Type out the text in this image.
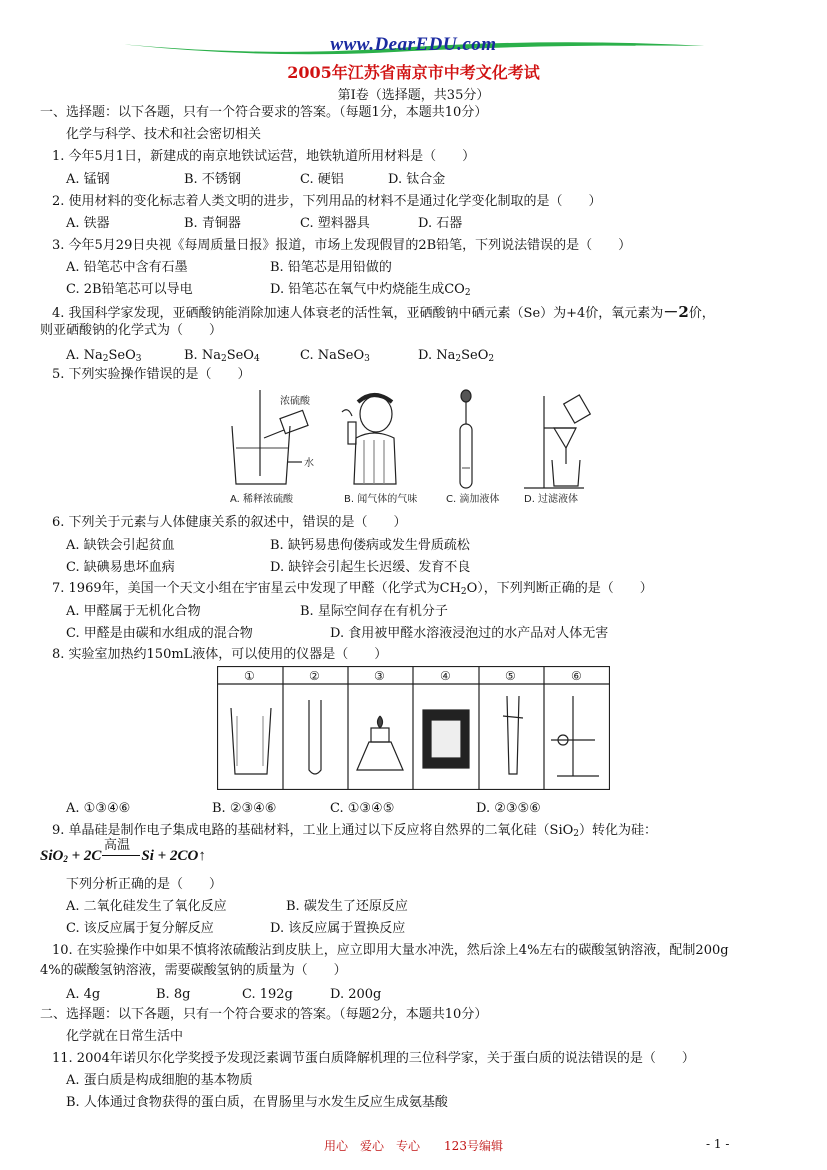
www.DearEDU.com
2005年江苏省南京市中考文化考试
第Ⅰ卷（选择题，共35分）
一、选择题：以下各题，只有一个符合要求的答案。（每题1分，本题共10分）
化学与科学、技术和社会密切相关
1. 今年5月1日，新建成的南京地铁试运营，地铁轨道所用材料是（　　）
A. 锰钢	B. 不锈钢	C. 硬铝	D. 钛合金
2. 使用材料的变化标志着人类文明的进步，下列用品的材料不是通过化学变化制取的是（　　）
A. 铁器	B. 青铜器	C. 塑料器具	D. 石器
3. 今年5月29日央视《每周质量日报》报道，市场上发现假冒的2B铅笔，下列说法错误的是（　　）
A. 铅笔芯中含有石墨	B. 铅笔芯是用铅做的
C. 2B铅笔芯可以导电	D. 铅笔芯在氧气中灼烧能生成$CO_2$
4. 我国科学家发现，亚硒酸钠能消除加速人体衰老的活性氧，亚硒酸钠中硒元素（Se）为+4价，氧元素为－2价，
则亚硒酸钠的化学式为（　　）
A. $Na_2SeO_3$	B. $Na_2SeO_4$	C. NaSeO$_3$	D. $Na_2SeO_2$
5. 下列实验操作错误的是（　　）
浓硫酸
水
A. 稀释浓硫酸	B. 闻气体的气味	C. 滴加液体 D. 过滤液体
6. 下列关于元素与人体健康关系的叙述中，错误的是（　　）
A. 缺铁会引起贫血	B. 缺钙易患佝偻病或发生骨质疏松
C. 缺碘易患坏血病	D. 缺锌会引起生长迟缓、发育不良
7. 1969年，美国一个天文小组在宇宙星云中发现了甲醛（化学式为$CH_2O$），下列判断正确的是（　　）
A. 甲醛属于无机化合物	B. 星际空间存在有机分子
C. 甲醛是由碳和水组成的混合物	D. 食用被甲醛水溶液浸泡过的水产品对人体无害
8. 实验室加热约150mL液体，可以使用的仪器是（　　）
①	②	③	④	⑤	⑥
A. ①③④⑥	B. ②③④⑥	C. ①③④⑤	D. ②③⑤⑥
9. 单晶硅是制作电子集成电路的基础材料，工业上通过以下反应将自然界的二氧化硅（SiO$_2$）转化为硅：
SiO$_2$ + 2C	Si + 2CO↑
高温
下列分析正确的是（　　）
A. 二氧化硅发生了氧化反应	B. 碳发生了还原反应
C. 该反应属于复分解反应	D. 该反应属于置换反应
10. 在实验操作中如果不慎将浓硫酸沾到皮肤上，应立即用大量水冲洗，然后涂上4%左右的碳酸氢钠溶液，配制200g
4%的碳酸氢钠溶液，需要碳酸氢钠的质量为（　　）
A. 4g	B. 8g	C. 192g	D. 200g
二、选择题：以下各题，只有一个符合要求的答案。（每题2分，本题共10分）
化学就在日常生活中
11. 2004年诺贝尔化学奖授予发现泛素调节蛋白质降解机理的三位科学家，关于蛋白质的说法错误的是（　　）
A. 蛋白质是构成细胞的基本物质
B. 人体通过食物获得的蛋白质，在胃肠里与水发生反应生成氨基酸
用心　爱心　专心　　123号编辑	- 1 -
